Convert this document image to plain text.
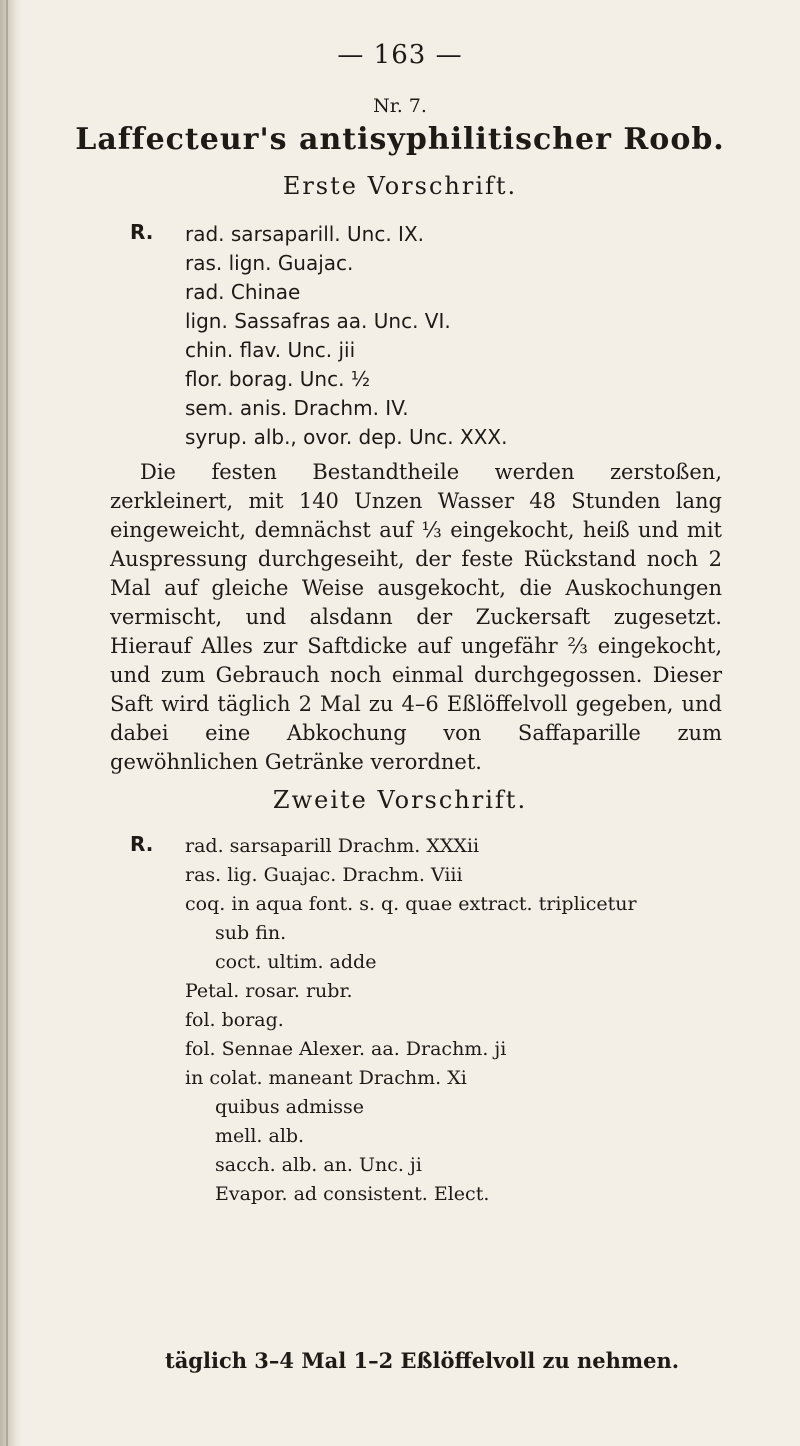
— 163 —
Nr. 7.
Laffecteur's antisyphilitischer Roob.
Erste Vorschrift.
R. rad. sarsaparill. Unc. IX.
ras. lign. Guajac.
rad. Chinae
lign. Sassafras aa. Unc. VI.
chin. flav. Unc. jii
flor. borag. Unc. ½
sem. anis. Drachm. IV.
syrup. alb., ovor. dep. Unc. XXX.

Die festen Bestandtheile werden zerstoßen, zerkleinert, mit 140 Unzen Wasser 48 Stunden lang eingeweicht, demnächst auf ⅓ eingekocht, heiß und mit Auspressung durchgeseiht, der feste Rückstand noch 2 Mal auf gleiche Weise ausgekocht, die Auskochungen vermischt, und alsdann der Zuckersaft zugesetzt. Hierauf Alles zur Saftdicke auf ungefähr ⅔ eingekocht, und zum Gebrauch noch einmal durchgegossen. Dieser Saft wird täglich 2 Mal zu 4–6 Eßlöffelvoll gegeben, und dabei eine Abkochung von Saffaparille zum gewöhnlichen Getränke verordnet.

Zweite Vorschrift.
R. rad. sarsaparill Drachm. XXXii
ras. lig. Guajac. Drachm. Viii
coq. in aqua font. s. q. quae extract. triplicetur
sub fin.
coct. ultim. adde
Petal. rosar. rubr.
fol. borag.
fol. Sennae Alexer. aa. Drachm. ji
in colat. maneant Drachm. Xi
quibus admisse
mell. alb.
sacch. alb. an. Unc. ji
Evapor. ad consistent. Elect.
täglich 3–4 Mal 1–2 Eßlöffelvoll zu nehmen.
